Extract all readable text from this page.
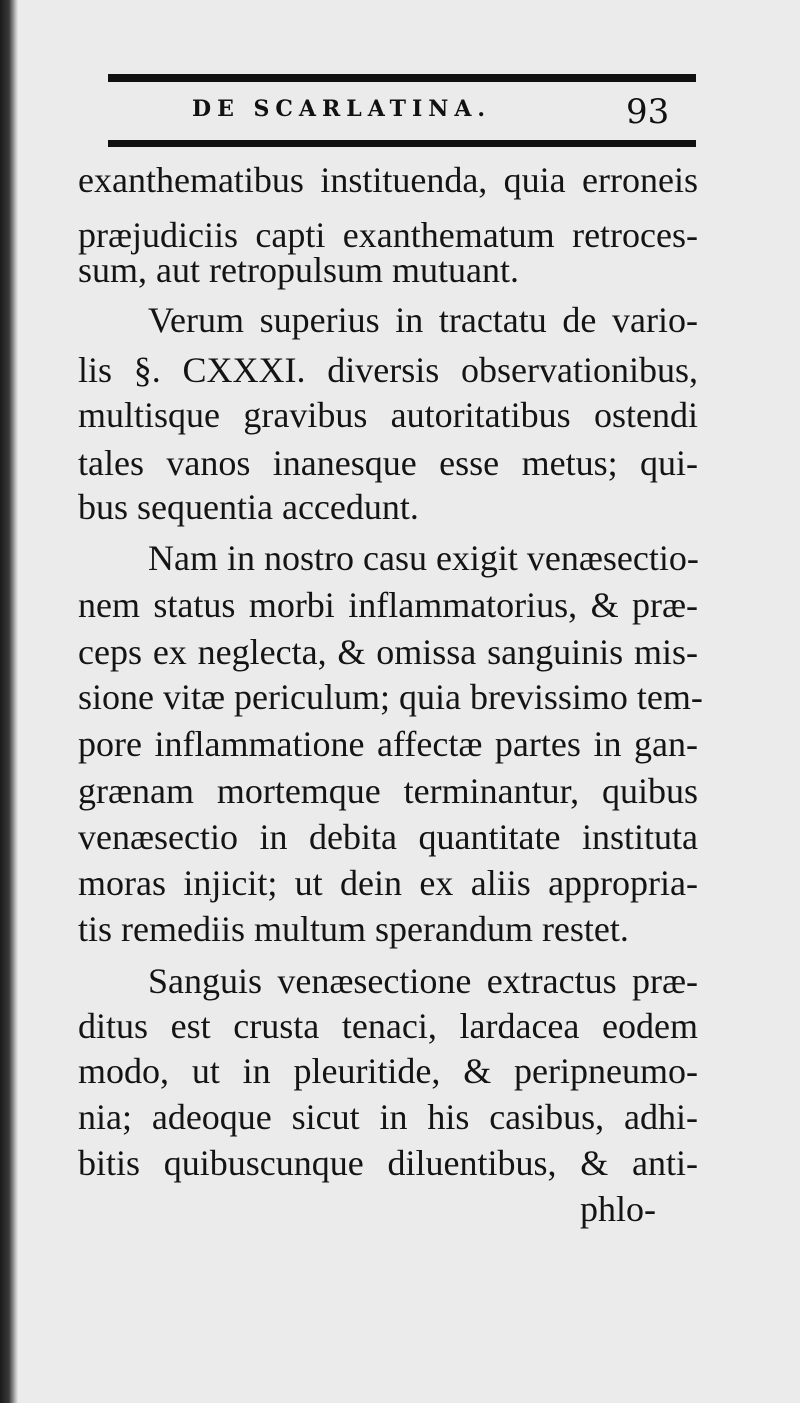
DE SCARLATINA.	93
exanthematibus instituenda, quia erroneis
præjudiciis capti exanthematum retroces-
sum, aut retropulsum mutuant.
Verum superius in tractatu de vario-
lis §. CXXXI. diversis observationibus,
multisque gravibus autoritatibus ostendi
tales vanos inanesque esse metus; qui-
bus sequentia accedunt.
Nam in nostro casu exigit venæsectio-
nem status morbi inflammatorius, & præ-
ceps ex neglecta, & omissa sanguinis mis-
sione vitæ periculum; quia brevissimo tem-
pore inflammatione affectæ partes in gan-
grænam mortemque terminantur, quibus
venæsectio in debita quantitate instituta
moras injicit; ut dein ex aliis appropria-
tis remediis multum sperandum restet.
Sanguis venæsectione extractus præ-
ditus est crusta tenaci, lardacea eodem
modo, ut in pleuritide, & peripneumo-
nia; adeoque sicut in his casibus, adhi-
bitis quibuscunque diluentibus, & anti-
phlo-
